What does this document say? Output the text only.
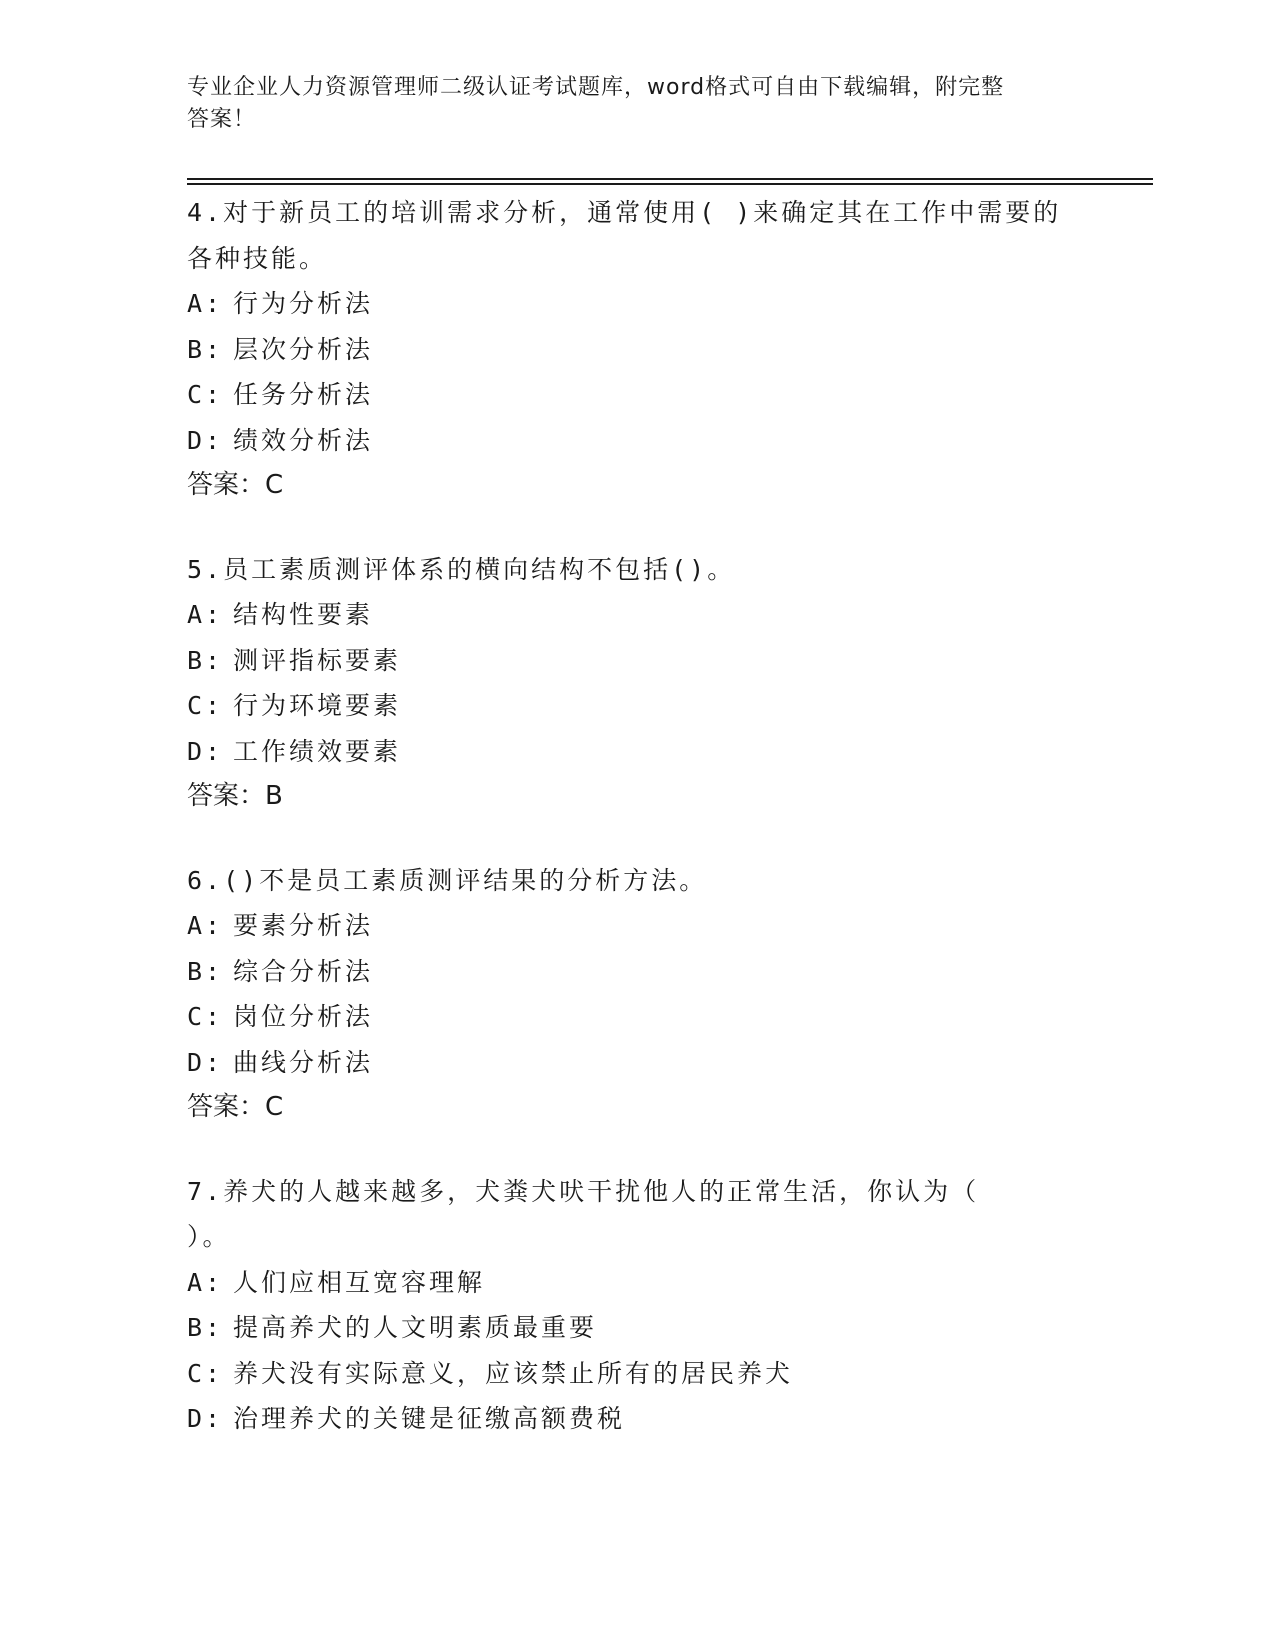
专业企业人力资源管理师二级认证考试题库，word格式可自由下载编辑，附完整
答案！

4.对于新员工的培训需求分析，通常使用( )来确定其在工作中需要的

各种技能。

A: 行为分析法

B: 层次分析法

C: 任务分析法

D: 绩效分析法

答案：C

5.员工素质测评体系的横向结构不包括()。

A: 结构性要素

B: 测评指标要素

C: 行为环境要素

D: 工作绩效要素

答案：B

6.()不是员工素质测评结果的分析方法。

A: 要素分析法

B: 综合分析法

C: 岗位分析法

D: 曲线分析法

答案：C

7.养犬的人越来越多，犬粪犬吠干扰他人的正常生活，你认为（

）。

A: 人们应相互宽容理解

B: 提高养犬的人文明素质最重要

C: 养犬没有实际意义，应该禁止所有的居民养犬

D: 治理养犬的关键是征缴高额费税
